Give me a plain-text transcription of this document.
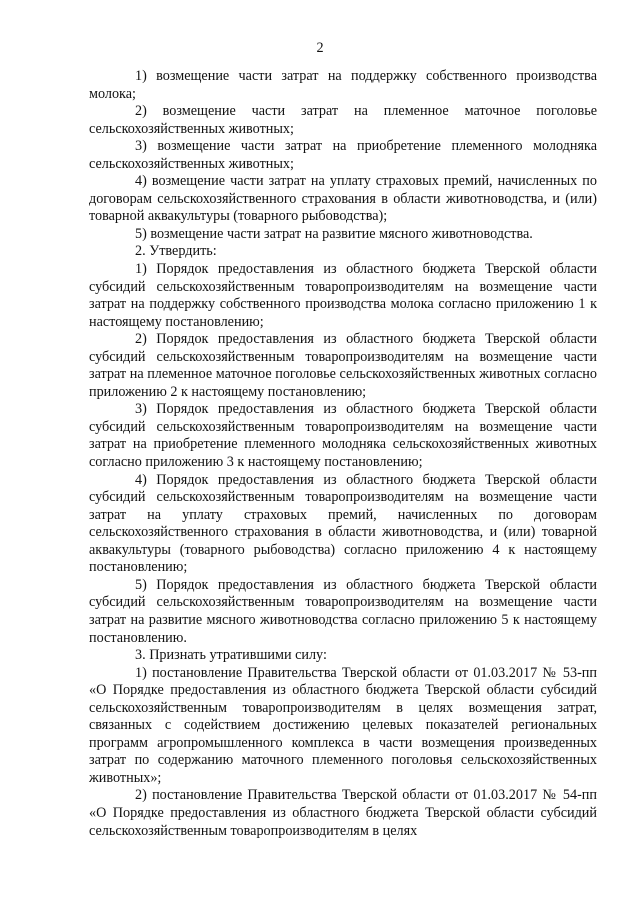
2

1) возмещение части затрат на поддержку собственного производства молока;

2) возмещение части затрат на племенное маточное поголовье сельскохозяйственных животных;

3) возмещение части затрат на приобретение племенного молодняка сельскохозяйственных животных;

4) возмещение части затрат на уплату страховых премий, начисленных по договорам сельскохозяйственного страхования в области животноводства, и (или) товарной аквакультуры (товарного рыбоводства);

5) возмещение части затрат на развитие мясного животноводства.

2. Утвердить:

1) Порядок предоставления из областного бюджета Тверской области субсидий сельскохозяйственным товаропроизводителям на возмещение части затрат на поддержку собственного производства молока согласно приложению 1 к настоящему постановлению;

2) Порядок предоставления из областного бюджета Тверской области субсидий сельскохозяйственным товаропроизводителям на возмещение части затрат на племенное маточное поголовье сельскохозяйственных животных согласно приложению 2 к настоящему постановлению;

3) Порядок предоставления из областного бюджета Тверской области субсидий сельскохозяйственным товаропроизводителям на возмещение части затрат на приобретение племенного молодняка сельскохозяйственных животных согласно приложению 3 к настоящему постановлению;

4) Порядок предоставления из областного бюджета Тверской области субсидий сельскохозяйственным товаропроизводителям на возмещение части затрат на уплату страховых премий, начисленных по договорам сельскохозяйственного страхования в области животноводства, и (или) товарной аквакультуры (товарного рыбоводства) согласно приложению 4 к настоящему постановлению;

5) Порядок предоставления из областного бюджета Тверской области субсидий сельскохозяйственным товаропроизводителям на возмещение части затрат на развитие мясного животноводства согласно приложению 5 к настоящему постановлению.

3. Признать утратившими силу:

1) постановление Правительства Тверской области от 01.03.2017 № 53-пп «О Порядке предоставления из областного бюджета Тверской области субсидий сельскохозяйственным товаропроизводителям в целях возмещения затрат, связанных с содействием достижению целевых показателей региональных программ агропромышленного комплекса в части возмещения произведенных затрат по содержанию маточного племенного поголовья сельскохозяйственных животных»;

2) постановление Правительства Тверской области от 01.03.2017 № 54-пп «О Порядке предоставления из областного бюджета Тверской области субсидий сельскохозяйственным товаропроизводителям в целях
